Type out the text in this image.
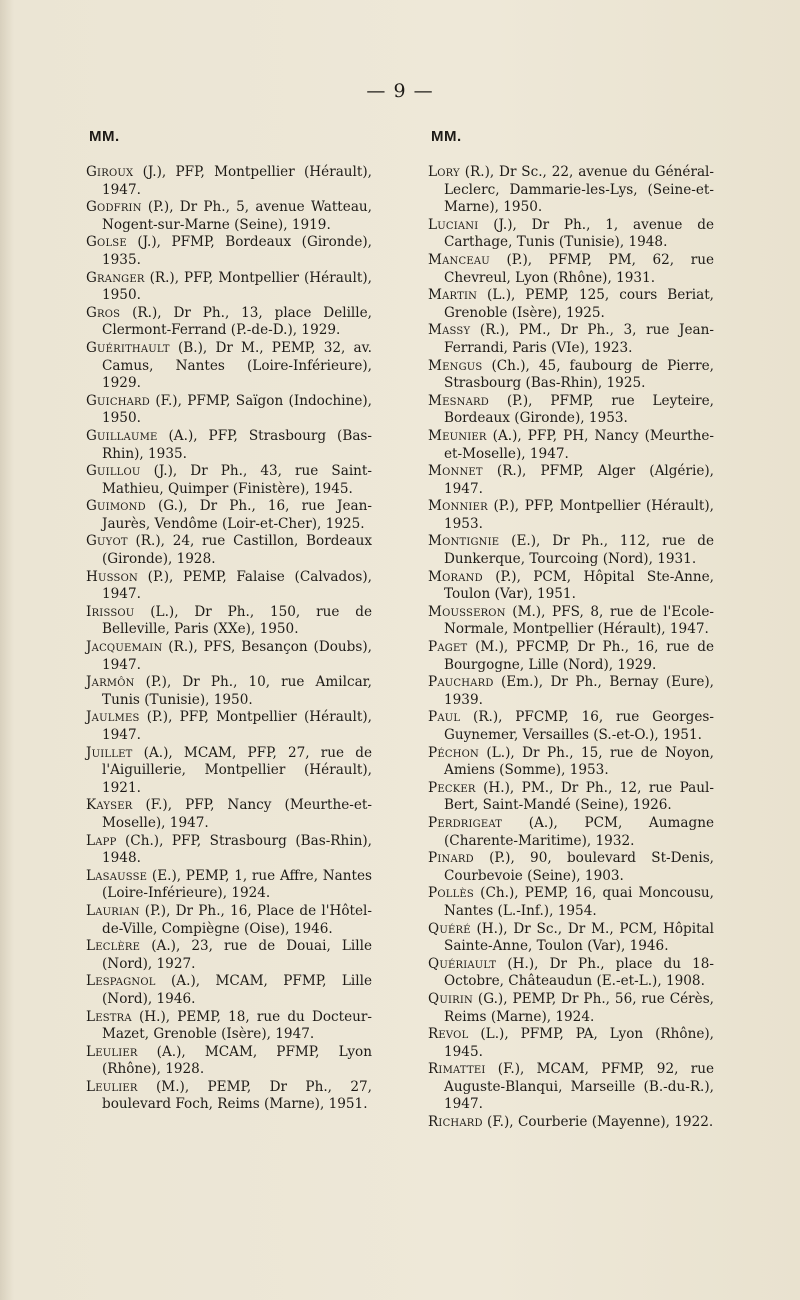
— 9 —
MM.

Giroux (J.), PFP, Montpellier (Hérault), 1947.

Godfrin (P.), Dr Ph., 5, avenue Watteau, Nogent-sur-Marne (Seine), 1919.

Golse (J.), PFMP, Bordeaux (Gironde), 1935.

Granger (R.), PFP, Montpellier (Hérault), 1950.

Gros (R.), Dr Ph., 13, place Delille, Clermont-Ferrand (P.-de-D.), 1929.

Guérithault (B.), Dr M., PEMP, 32, av. Camus, Nantes (Loire-Inférieure), 1929.

Guichard (F.), PFMP, Saïgon (Indochine), 1950.

Guillaume (A.), PFP, Strasbourg (Bas-Rhin), 1935.

Guillou (J.), Dr Ph., 43, rue Saint-Mathieu, Quimper (Finistère), 1945.

Guimond (G.), Dr Ph., 16, rue Jean-Jaurès, Vendôme (Loir-et-Cher), 1925.

Guyot (R.), 24, rue Castillon, Bordeaux (Gironde), 1928.

Husson (P.), PEMP, Falaise (Calvados), 1947.

Irissou (L.), Dr Ph., 150, rue de Belleville, Paris (XXe), 1950.

Jacquemain (R.), PFS, Besançon (Doubs), 1947.

Jarmôn (P.), Dr Ph., 10, rue Amilcar, Tunis (Tunisie), 1950.

Jaulmes (P.), PFP, Montpellier (Hérault), 1947.

Juillet (A.), MCAM, PFP, 27, rue de l'Aiguillerie, Montpellier (Hérault), 1921.

Kayser (F.), PFP, Nancy (Meurthe-et-Moselle), 1947.

Lapp (Ch.), PFP, Strasbourg (Bas-Rhin), 1948.

Lasausse (E.), PEMP, 1, rue Affre, Nantes (Loire-Inférieure), 1924.

Laurian (P.), Dr Ph., 16, Place de l'Hôtel-de-Ville, Compiègne (Oise), 1946.

Leclère (A.), 23, rue de Douai, Lille (Nord), 1927.

Lespagnol (A.), MCAM, PFMP, Lille (Nord), 1946.

Lestra (H.), PEMP, 18, rue du Docteur-Mazet, Grenoble (Isère), 1947.

Leulier (A.), MCAM, PFMP, Lyon (Rhône), 1928.

Leulier (M.), PEMP, Dr Ph., 27, boulevard Foch, Reims (Marne), 1951.

MM.

Lory (R.), Dr Sc., 22, avenue du Général-Leclerc, Dammarie-les-Lys, (Seine-et-Marne), 1950.

Luciani (J.), Dr Ph., 1, avenue de Carthage, Tunis (Tunisie), 1948.

Manceau (P.), PFMP, PM, 62, rue Chevreul, Lyon (Rhône), 1931.

Martin (L.), PEMP, 125, cours Beriat, Grenoble (Isère), 1925.

Massy (R.), PM., Dr Ph., 3, rue Jean-Ferrandi, Paris (VIe), 1923.

Mengus (Ch.), 45, faubourg de Pierre, Strasbourg (Bas-Rhin), 1925.

Mesnard (P.), PFMP, rue Leyteire, Bordeaux (Gironde), 1953.

Meunier (A.), PFP, PH, Nancy (Meurthe-et-Moselle), 1947.

Monnet (R.), PFMP, Alger (Algérie), 1947.

Monnier (P.), PFP, Montpellier (Hérault), 1953.

Montignie (E.), Dr Ph., 112, rue de Dunkerque, Tourcoing (Nord), 1931.

Morand (P.), PCM, Hôpital Ste-Anne, Toulon (Var), 1951.

Mousseron (M.), PFS, 8, rue de l'Ecole-Normale, Montpellier (Hérault), 1947.

Paget (M.), PFCMP, Dr Ph., 16, rue de Bourgogne, Lille (Nord), 1929.

Pauchard (Em.), Dr Ph., Bernay (Eure), 1939.

Paul (R.), PFCMP, 16, rue Georges-Guynemer, Versailles (S.-et-O.), 1951.

Péchon (L.), Dr Ph., 15, rue de Noyon, Amiens (Somme), 1953.

Pecker (H.), PM., Dr Ph., 12, rue Paul-Bert, Saint-Mandé (Seine), 1926.

Perdrigeat (A.), PCM, Aumagne (Charente-Maritime), 1932.

Pinard (P.), 90, boulevard St-Denis, Courbevoie (Seine), 1903.

Pollès (Ch.), PEMP, 16, quai Moncousu, Nantes (L.-Inf.), 1954.

Quéré (H.), Dr Sc., Dr M., PCM, Hôpital Sainte-Anne, Toulon (Var), 1946.

Quériault (H.), Dr Ph., place du 18-Octobre, Châteaudun (E.-et-L.), 1908.

Quirin (G.), PEMP, Dr Ph., 56, rue Cérès, Reims (Marne), 1924.

Revol (L.), PFMP, PA, Lyon (Rhône), 1945.

Rimattei (F.), MCAM, PFMP, 92, rue Auguste-Blanqui, Marseille (B.-du-R.), 1947.

Richard (F.), Courberie (Mayenne), 1922.
